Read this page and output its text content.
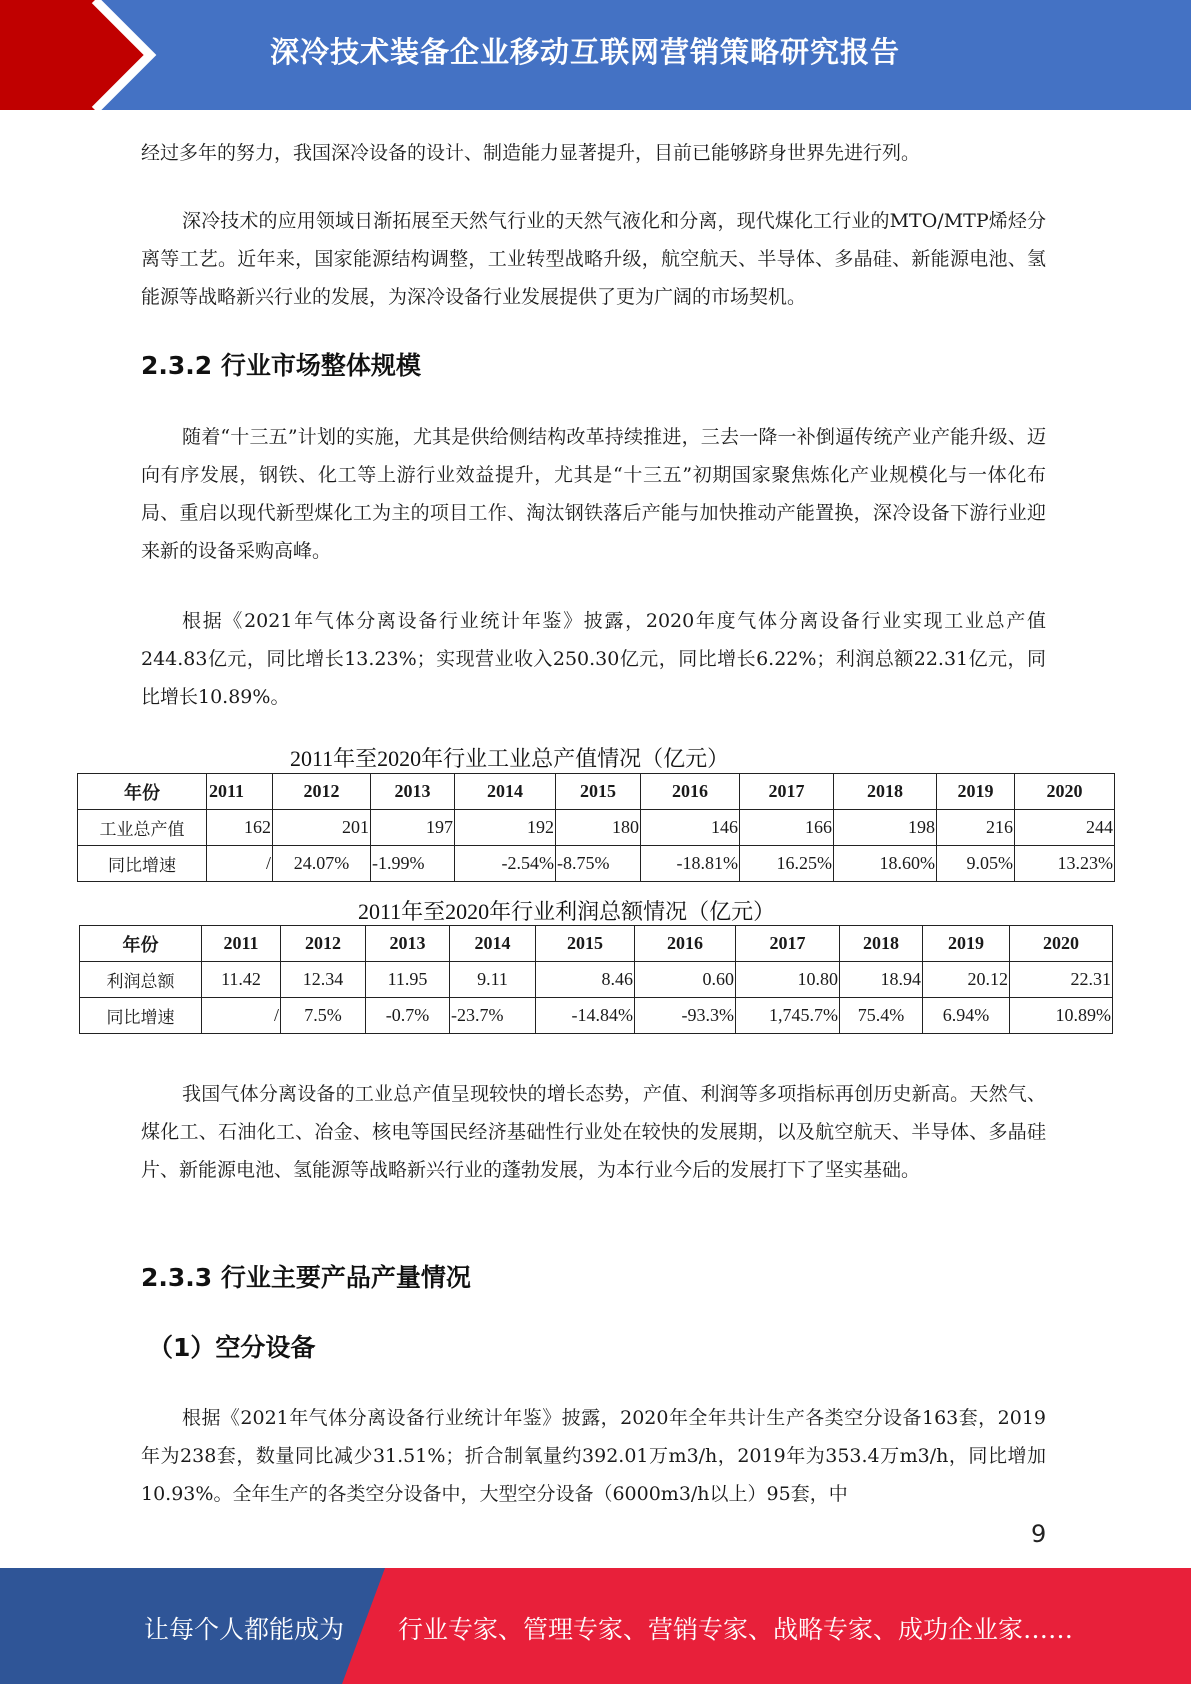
深冷技术装备企业移动互联网营销策略研究报告

经过多年的努力，我国深冷设备的设计、制造能力显著提升，目前已能够跻身世界先进行列。

深冷技术的应用领域日渐拓展至天然气行业的天然气液化和分离，现代煤化工行业的MTO/MTP烯烃分离等工艺。近年来，国家能源结构调整，工业转型战略升级，航空航天、半导体、多晶硅、新能源电池、氢能源等战略新兴行业的发展，为深冷设备行业发展提供了更为广阔的市场契机。

2.3.2 行业市场整体规模

随着“十三五”计划的实施，尤其是供给侧结构改革持续推进，三去一降一补倒逼传统产业产能升级、迈向有序发展，钢铁、化工等上游行业效益提升，尤其是“十三五”初期国家聚焦炼化产业规模化与一体化布局、重启以现代新型煤化工为主的项目工作、淘汰钢铁落后产能与加快推动产能置换，深冷设备下游行业迎来新的设备采购高峰。

根据《2021年气体分离设备行业统计年鉴》披露，2020年度气体分离设备行业实现工业总产值244.83亿元，同比增长13.23%；实现营业收入250.30亿元，同比增长6.22%；利润总额22.31亿元，同比增长10.89%。

2011年至2020年行业工业总产值情况（亿元）
年份	2011	2012	2013	2014	2015	2016	2017	2018	2019	2020
工业总产值	162	201	197	192	180	146	166	198	216	244
同比增速	/	24.07%	-1.99%	-2.54%	-8.75%	-18.81%	16.25%	18.60%	9.05%	13.23%
2011年至2020年行业利润总额情况（亿元）
年份	2011	2012	2013	2014	2015	2016	2017	2018	2019	2020
利润总额	11.42	12.34	11.95	9.11	8.46	0.60	10.80	18.94	20.12	22.31
同比增速	/	7.5%	-0.7%	-23.7%	-14.84%	-93.3%	1,745.7%	75.4%	6.94%	10.89%

我国气体分离设备的工业总产值呈现较快的增长态势，产值、利润等多项指标再创历史新高。天然气、煤化工、石油化工、冶金、核电等国民经济基础性行业处在较快的发展期，以及航空航天、半导体、多晶硅片、新能源电池、氢能源等战略新兴行业的蓬勃发展，为本行业今后的发展打下了坚实基础。

2.3.3 行业主要产品产量情况
（1）空分设备

根据《2021年气体分离设备行业统计年鉴》披露，2020年全年共计生产各类空分设备163套，2019年为238套，数量同比减少31.51%；折合制氧量约392.01万m3/h，2019年为353.4万m3/h，同比增加10.93%。全年生产的各类空分设备中，大型空分设备（6000m3/h以上）95套，中

9
让每个人都能成为 行业专家、管理专家、营销专家、战略专家、成功企业家……
